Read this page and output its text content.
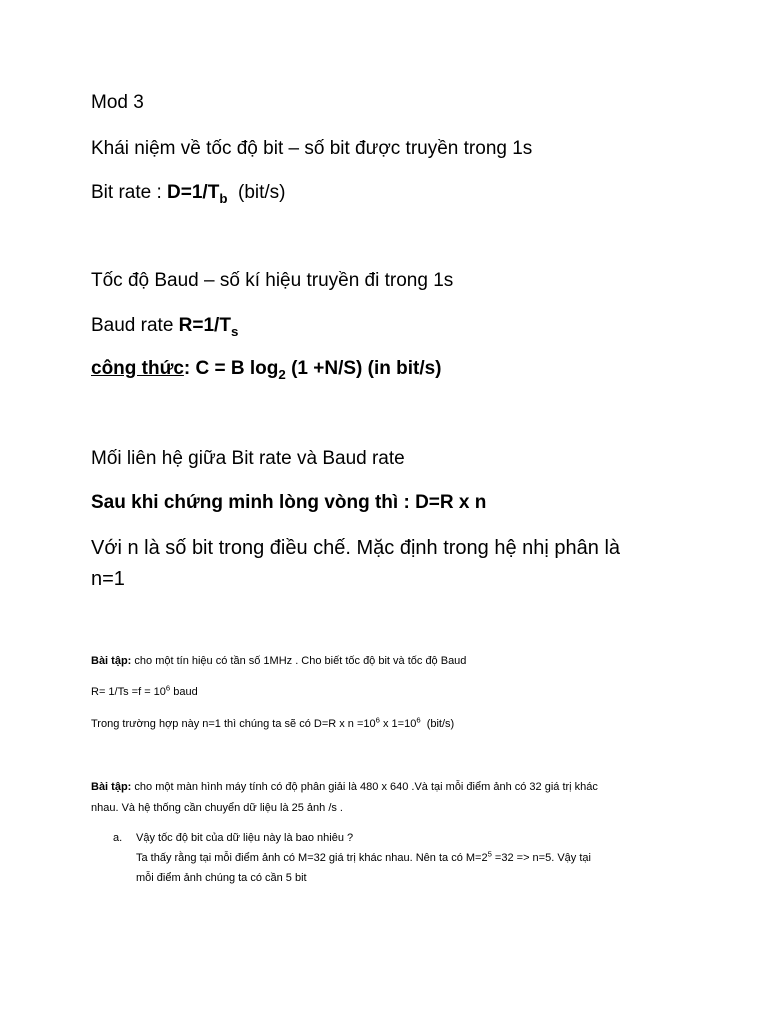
Mod 3
Khái niệm về tốc độ bit – số bit được truyền trong 1s
Bit rate : $D=1/T_b$  (bit/s)
Tốc độ Baud – số kí hiệu truyền đi trong 1s
Baud rate $R=1/T_s$
công thức: C = B $\log_2 (1 +N/S)$ (in bit/s)
Mối liên hệ giữa Bit rate và Baud rate
Sau khi chứng minh lòng vòng thì : D=R x n
Với n là số bit trong điều chế. Mặc định trong hệ nhị phân là
n=1
Bài tập: cho một tín hiệu có tần số 1MHz . Cho biết tốc độ bit và tốc độ Baud
$R= 1/Ts =f = 10^6$ baud
Trong trường hợp này n=1 thì chúng ta sẽ có D=R x $n =10^6$ x $1=10^6$  (bit/s)
Bài tập: cho một màn hình máy tính có độ phân giải là 480 x 640 .Và tại mỗi điểm ảnh có 32 giá trị khác
nhau. Và hệ thống cần chuyển dữ liệu là 25 ảnh /s .
a. Vậy tốc độ bit của dữ liệu này là bao nhiêu ?
Ta thấy rằng tại mỗi điểm ảnh có M=32 giá trị khác nhau. Nên ta có $M=2^5 =32 => n=5$. Vậy tại
mỗi điểm ảnh chúng ta có cần 5 bit
